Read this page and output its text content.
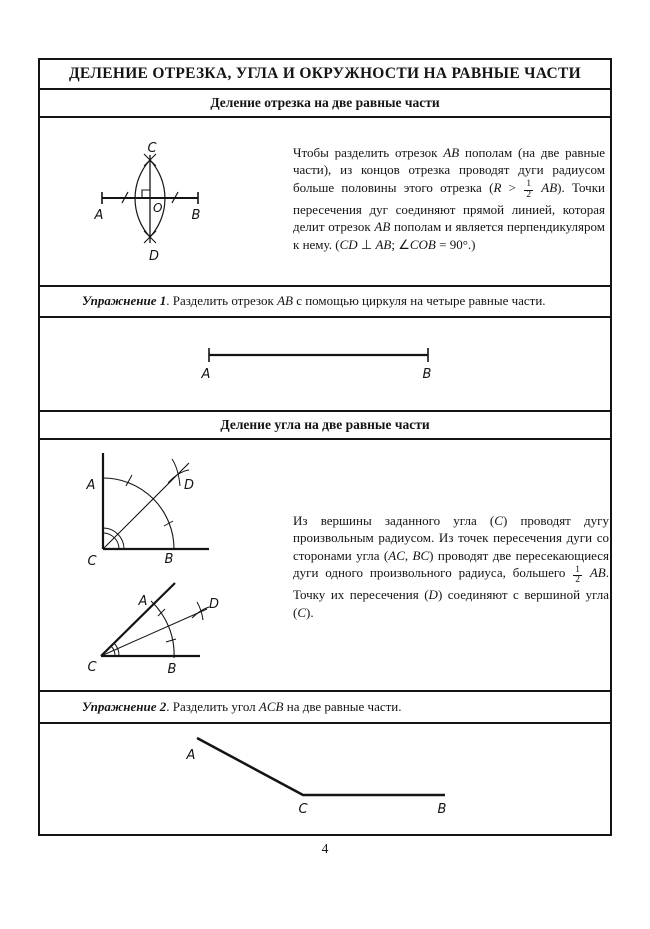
ДЕЛЕНИЕ ОТРЕЗКА, УГЛА И ОКРУЖНОСТИ НА РАВНЫЕ ЧАСТИ
Деление отрезка на две равные части
C
A	B
O
D
Чтобы разделить отрезок AB пополам (на две равные части), из концов отрезка проводят дуги радиусом больше половины этого отрезка $(R > \frac{1}{2} AB)$. Точки пересечения дуг соединяют прямой линией, которая делит отрезок AB пополам и является перпендикуляром к нему. (CD ⊥ AB; ∠COB = 90°.)
Упражнение 1. Разделить отрезок AB с помощью циркуля на четыре равные части.
A	B
Деление угла на две равные части
A
B
C
D
A
B
C
D
Из вершины заданного угла (C) проводят дугу произвольным радиусом. Из точек пересечения дуги со сторонами угла (AC, BC) проводят две пересекающиеся дуги одного произвольного радиуса, большего $\frac{1}{2}$ AB. Точку их пересечения (D) соединяют с вершиной угла (C).
Упражнение 2. Разделить угол ACB на две равные части.
A
C	B
4
